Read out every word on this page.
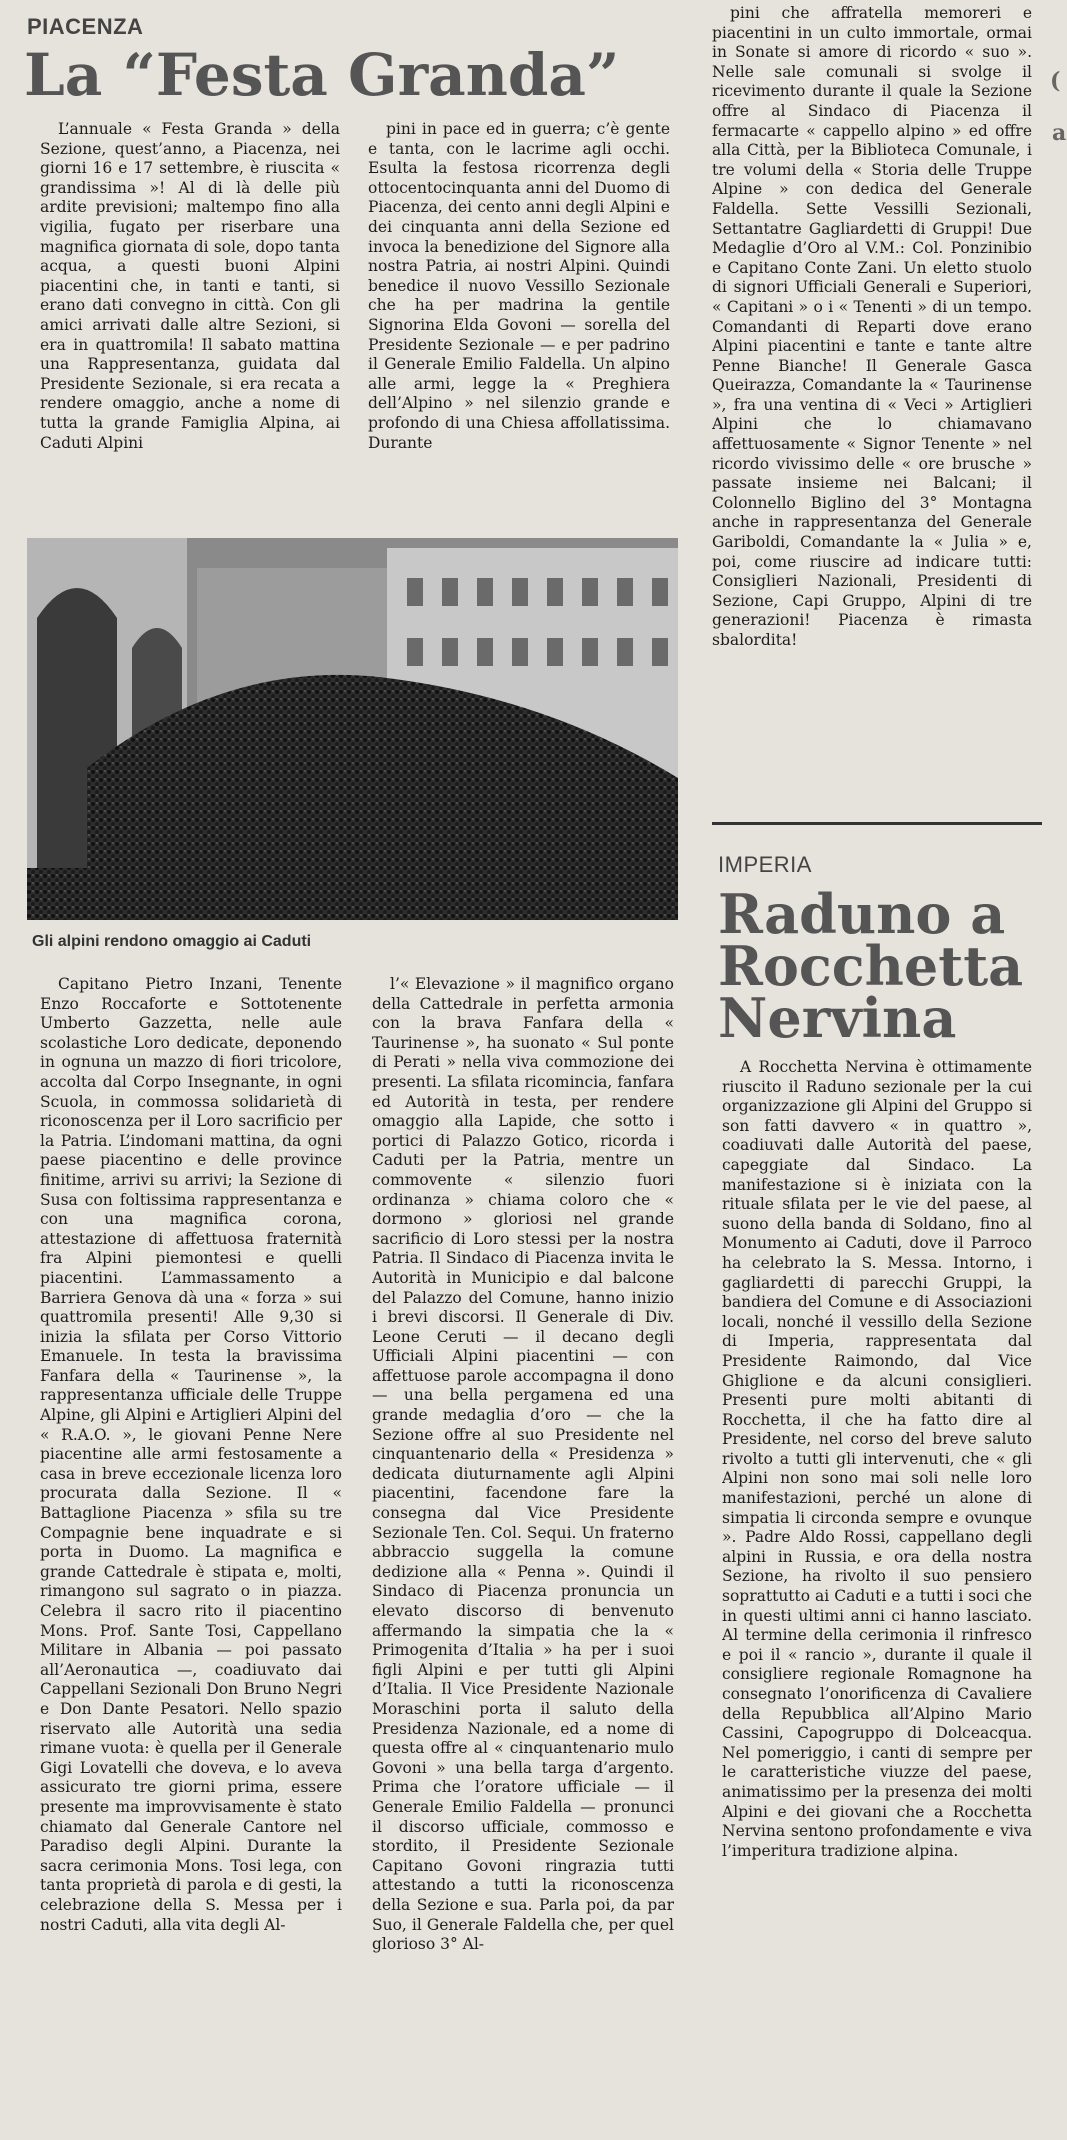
PIACENZA
La “Festa Granda”

L’annuale « Festa Granda » della Sezione, quest’anno, a Piacenza, nei giorni 16 e 17 settembre, è riuscita « grandissima »! Al di là delle più ardite previsioni; maltempo fino alla vigilia, fugato per riserbare una magnifica giornata di sole, dopo tanta acqua, a questi buoni Alpini piacentini che, in tanti e tanti, si erano dati convegno in città. Con gli amici arrivati dalle altre Sezioni, si era in quattromila! Il sabato mattina una Rappresentanza, guidata dal Presidente Sezionale, si era recata a rendere omaggio, anche a nome di tutta la grande Famiglia Alpina, ai Caduti Alpini

pini in pace ed in guerra; c’è gente e tanta, con le lacrime agli occhi. Esulta la festosa ricorrenza degli ottocentocinquanta anni del Duomo di Piacenza, dei cento anni degli Alpini e dei cinquanta anni della Sezione ed invoca la benedizione del Signore alla nostra Patria, ai nostri Alpini. Quindi benedice il nuovo Vessillo Sezionale che ha per madrina la gentile Signorina Elda Govoni — sorella del Presidente Sezionale — e per padrino il Generale Emilio Faldella. Un alpino alle armi, legge la « Preghiera dell’Alpino » nel silenzio grande e profondo di una Chiesa affollatissima. Durante

Gli alpini rendono omaggio ai Caduti

Capitano Pietro Inzani, Tenente Enzo Roccaforte e Sottotenente Umberto Gazzetta, nelle aule scolastiche Loro dedicate, deponendo in ognuna un mazzo di fiori tricolore, accolta dal Corpo Insegnante, in ogni Scuola, in commossa solidarietà di riconoscenza per il Loro sacrificio per la Patria. L’indomani mattina, da ogni paese piacentino e delle province finitime, arrivi su arrivi; la Sezione di Susa con foltissima rappresentanza e con una magnifica corona, attestazione di affettuosa fraternità fra Alpini piemontesi e quelli piacentini. L’ammassamento a Barriera Genova dà una « forza » sui quattromila presenti! Alle 9,30 si inizia la sfilata per Corso Vittorio Emanuele. In testa la bravissima Fanfara della « Taurinense », la rappresentanza ufficiale delle Truppe Alpine, gli Alpini e Artiglieri Alpini del « R.A.O. », le giovani Penne Nere piacentine alle armi festosamente a casa in breve eccezionale licenza loro procurata dalla Sezione. Il « Battaglione Piacenza » sfila su tre Compagnie bene inquadrate e si porta in Duomo. La magnifica e grande Cattedrale è stipata e, molti, rimangono sul sagrato o in piazza. Celebra il sacro rito il piacentino Mons. Prof. Sante Tosi, Cappellano Militare in Albania — poi passato all’Aeronautica —, coadiuvato dai Cappellani Sezionali Don Bruno Negri e Don Dante Pesatori. Nello spazio riservato alle Autorità una sedia rimane vuota: è quella per il Generale Gigi Lovatelli che doveva, e lo aveva assicurato tre giorni prima, essere presente ma improvvisamente è stato chiamato dal Generale Cantore nel Paradiso degli Alpini. Durante la sacra cerimonia Mons. Tosi lega, con tanta proprietà di parola e di gesti, la celebrazione della S. Messa per i nostri Caduti, alla vita degli Al-

l’« Elevazione » il magnifico organo della Cattedrale in perfetta armonia con la brava Fanfara della « Taurinense », ha suonato « Sul ponte di Perati » nella viva commozione dei presenti. La sfilata ricomincia, fanfara ed Autorità in testa, per rendere omaggio alla Lapide, che sotto i portici di Palazzo Gotico, ricorda i Caduti per la Patria, mentre un commovente « silenzio fuori ordinanza » chiama coloro che « dormono » gloriosi nel grande sacrificio di Loro stessi per la nostra Patria. Il Sindaco di Piacenza invita le Autorità in Municipio e dal balcone del Palazzo del Comune, hanno inizio i brevi discorsi. Il Generale di Div. Leone Ceruti — il decano degli Ufficiali Alpini piacentini — con affettuose parole accompagna il dono — una bella pergamena ed una grande medaglia d’oro — che la Sezione offre al suo Presidente nel cinquantenario della « Presidenza » dedicata diuturnamente agli Alpini piacentini, facendone fare la consegna dal Vice Presidente Sezionale Ten. Col. Sequi. Un fraterno abbraccio suggella la comune dedizione alla « Penna ». Quindi il Sindaco di Piacenza pronuncia un elevato discorso di benvenuto affermando la simpatia che la « Primogenita d’Italia » ha per i suoi figli Alpini e per tutti gli Alpini d’Italia. Il Vice Presidente Nazionale Moraschini porta il saluto della Presidenza Nazionale, ed a nome di questa offre al « cinquantenario mulo Govoni » una bella targa d’argento. Prima che l’oratore ufficiale — il Generale Emilio Faldella — pronunci il discorso ufficiale, commosso e stordito, il Presidente Sezionale Capitano Govoni ringrazia tutti attestando a tutti la riconoscenza della Sezione e sua. Parla poi, da par Suo, il Generale Faldella che, per quel glorioso 3° Al-

pini che affratella memoreri e piacentini in un culto immortale, ormai in Sonate si amore di ricordo « suo ». Nelle sale comunali si svolge il ricevimento durante il quale la Sezione offre al Sindaco di Piacenza il fermacarte « cappello alpino » ed offre alla Città, per la Biblioteca Comunale, i tre volumi della « Storia delle Truppe Alpine » con dedica del Generale Faldella. Sette Vessilli Sezionali, Settantatre Gagliardetti di Gruppi! Due Medaglie d’Oro al V.M.: Col. Ponzinibio e Capitano Conte Zani. Un eletto stuolo di signori Ufficiali Generali e Superiori, « Capitani » o i « Tenenti » di un tempo. Comandanti di Reparti dove erano Alpini piacentini e tante e tante altre Penne Bianche! Il Generale Gasca Queirazza, Comandante la « Taurinense », fra una ventina di « Veci » Artiglieri Alpini che lo chiamavano affettuosamente « Signor Tenente » nel ricordo vivissimo delle « ore brusche » passate insieme nei Balcani; il Colonnello Biglino del 3° Montagna anche in rappresentanza del Generale Gariboldi, Comandante la « Julia » e, poi, come riuscire ad indicare tutti: Consiglieri Nazionali, Presidenti di Sezione, Capi Gruppo, Alpini di tre generazioni! Piacenza è rimasta sbalordita!

IMPERIA
Raduno a
Rocchetta
Nervina

A Rocchetta Nervina è ottimamente riuscito il Raduno sezionale per la cui organizzazione gli Alpini del Gruppo si son fatti davvero « in quattro », coadiuvati dalle Autorità del paese, capeggiate dal Sindaco. La manifestazione si è iniziata con la rituale sfilata per le vie del paese, al suono della banda di Soldano, fino al Monumento ai Caduti, dove il Parroco ha celebrato la S. Messa. Intorno, i gagliardetti di parecchi Gruppi, la bandiera del Comune e di Associazioni locali, nonché il vessillo della Sezione di Imperia, rappresentata dal Presidente Raimondo, dal Vice Ghiglione e da alcuni consiglieri. Presenti pure molti abitanti di Rocchetta, il che ha fatto dire al Presidente, nel corso del breve saluto rivolto a tutti gli intervenuti, che « gli Alpini non sono mai soli nelle loro manifestazioni, perché un alone di simpatia li circonda sempre e ovunque ». Padre Aldo Rossi, cappellano degli alpini in Russia, e ora della nostra Sezione, ha rivolto il suo pensiero soprattutto ai Caduti e a tutti i soci che in questi ultimi anni ci hanno lasciato. Al termine della cerimonia il rinfresco e poi il « rancio », durante il quale il consigliere regionale Romagnone ha consegnato l’onorificenza di Cavaliere della Repubblica all’Alpino Mario Cassini, Capogruppo di Dolceacqua. Nel pomeriggio, i canti di sempre per le caratteristiche viuzze del paese, animatissimo per la presenza dei molti Alpini e dei giovani che a Rocchetta Nervina sentono profondamente e viva l’imperitura tradizione alpina.

(
a
